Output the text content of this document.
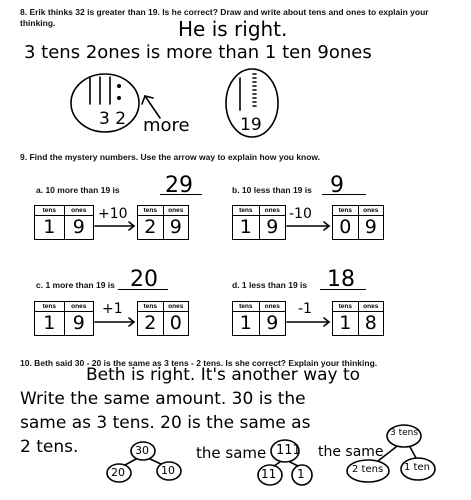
8. Erik thinks 32 is greater than 19. Is he correct? Draw and write about tens and ones to explain your thinking.	He is right.
3 tens 2ones is more than 1 ten 9ones
3 2 more	19
9. Find the mystery numbers. Use the arrow way to explain how you know.
a. 10 more than 19 is 29
tens	ones
1 9
+10	tens	ones
2 9
b. 10 less than 19 is 9
tens	ones
1 9
-10	tens	ones
0 9
c. 1 more than 19 is 20
tens	ones
1 9
+1	tens	ones
2 0
d. 1 less than 19 is 18
tens	ones
1 9
-1	tens	ones
1 8
10. Beth said 30 - 20 is the same as 3 tens - 2 tens. Is she correct? Explain your thinking.
Beth is right. It's another way to
Write the same amount. 30 is the
same as 3 tens. 20 is the same as
2 tens.	30
20	10
the same 111
11 1
the same
3 tens
2 tens 1 ten
